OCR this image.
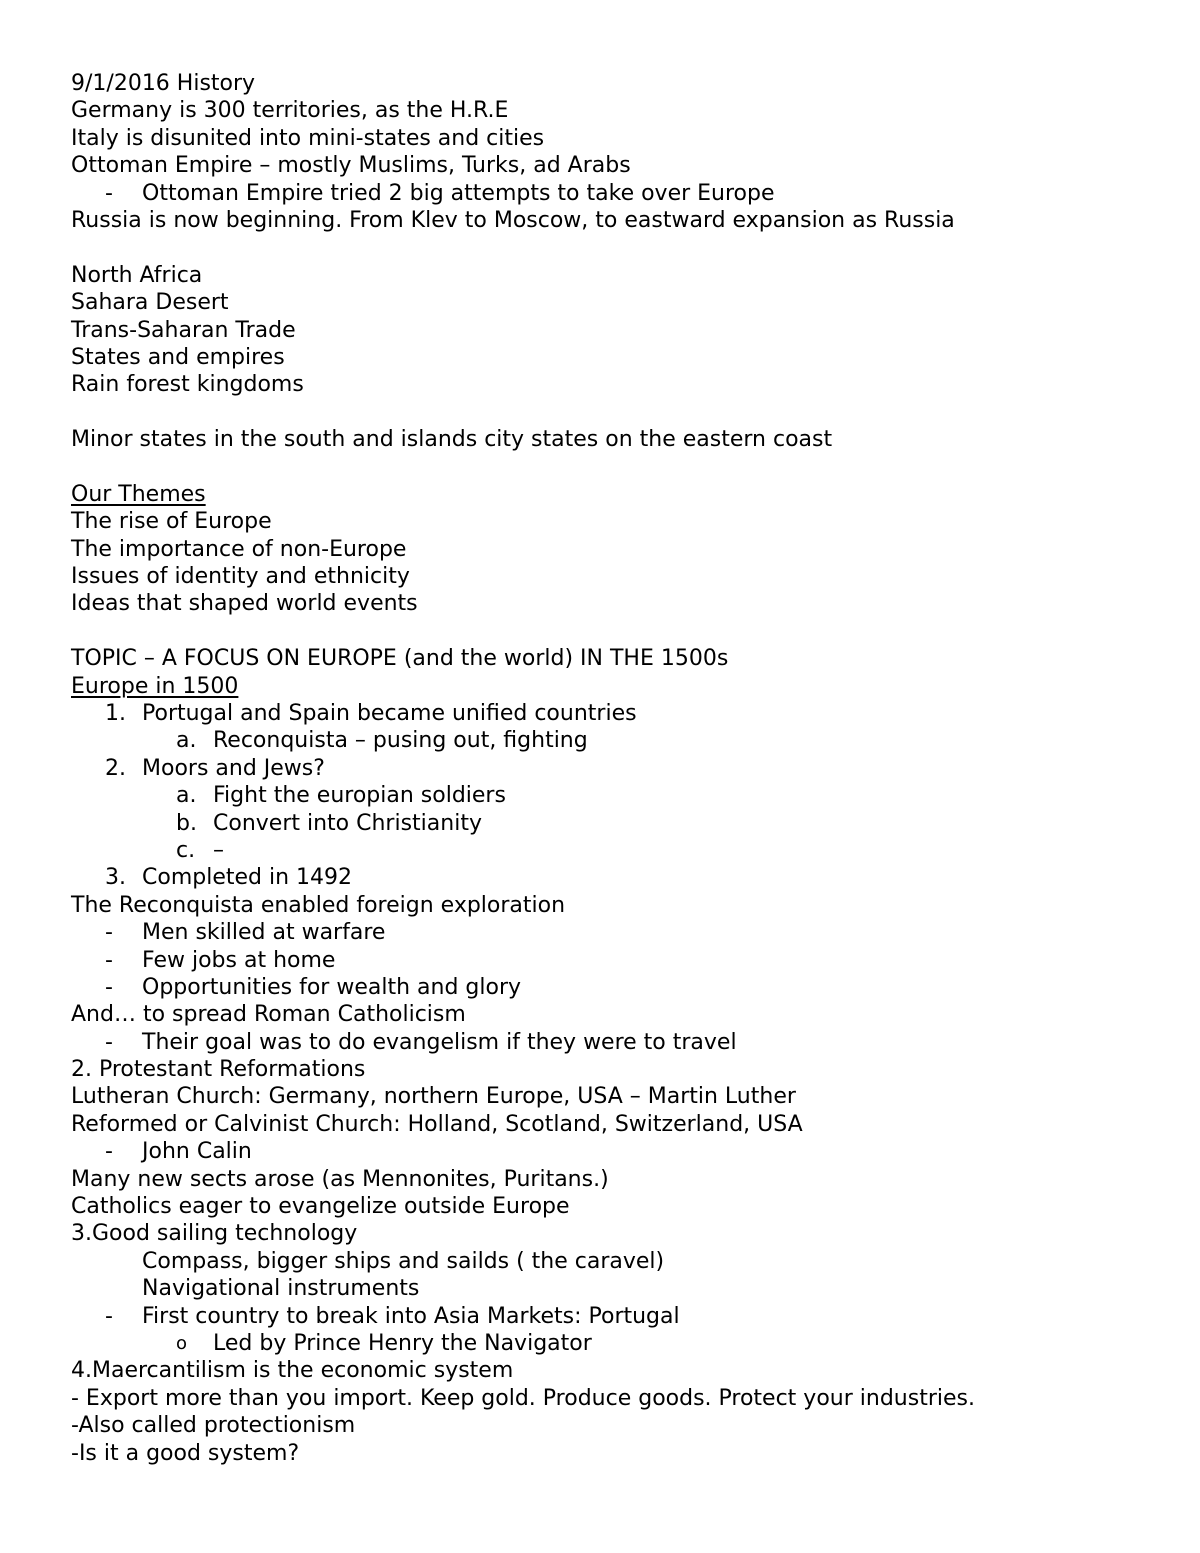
9/1/2016 History
Germany is 300 territories, as the H.R.E
Italy is disunited into mini-states and cities
Ottoman Empire – mostly Muslims, Turks, ad Arabs
- Ottoman Empire tried 2 big attempts to take over Europe
Russia is now beginning. From Klev to Moscow, to eastward expansion as Russia
North Africa
Sahara Desert
Trans-Saharan Trade
States and empires
Rain forest kingdoms
Minor states in the south and islands city states on the eastern coast
Our Themes
The rise of Europe
The importance of non-Europe
Issues of identity and ethnicity
Ideas that shaped world events
TOPIC – A FOCUS ON EUROPE (and the world) IN THE 1500s
Europe in 1500
1. Portugal and Spain became unified countries
a. Reconquista – pusing out, fighting
2. Moors and Jews?
a. Fight the europian soldiers
b. Convert into Christianity
c. –
3. Completed in 1492
The Reconquista enabled foreign exploration
- Men skilled at warfare
- Few jobs at home
- Opportunities for wealth and glory
And… to spread Roman Catholicism
- Their goal was to do evangelism if they were to travel
2. Protestant Reformations
Lutheran Church: Germany, northern Europe, USA – Martin Luther
Reformed or Calvinist Church: Holland, Scotland, Switzerland, USA
- John Calin
Many new sects arose (as Mennonites, Puritans.)
Catholics eager to evangelize outside Europe
3.Good sailing technology
Compass, bigger ships and sailds ( the caravel)
Navigational instruments
- First country to break into Asia Markets: Portugal
o Led by Prince Henry the Navigator
4.Maercantilism is the economic system
- Export more than you import. Keep gold. Produce goods. Protect your industries.
-Also called protectionism
-Is it a good system?
